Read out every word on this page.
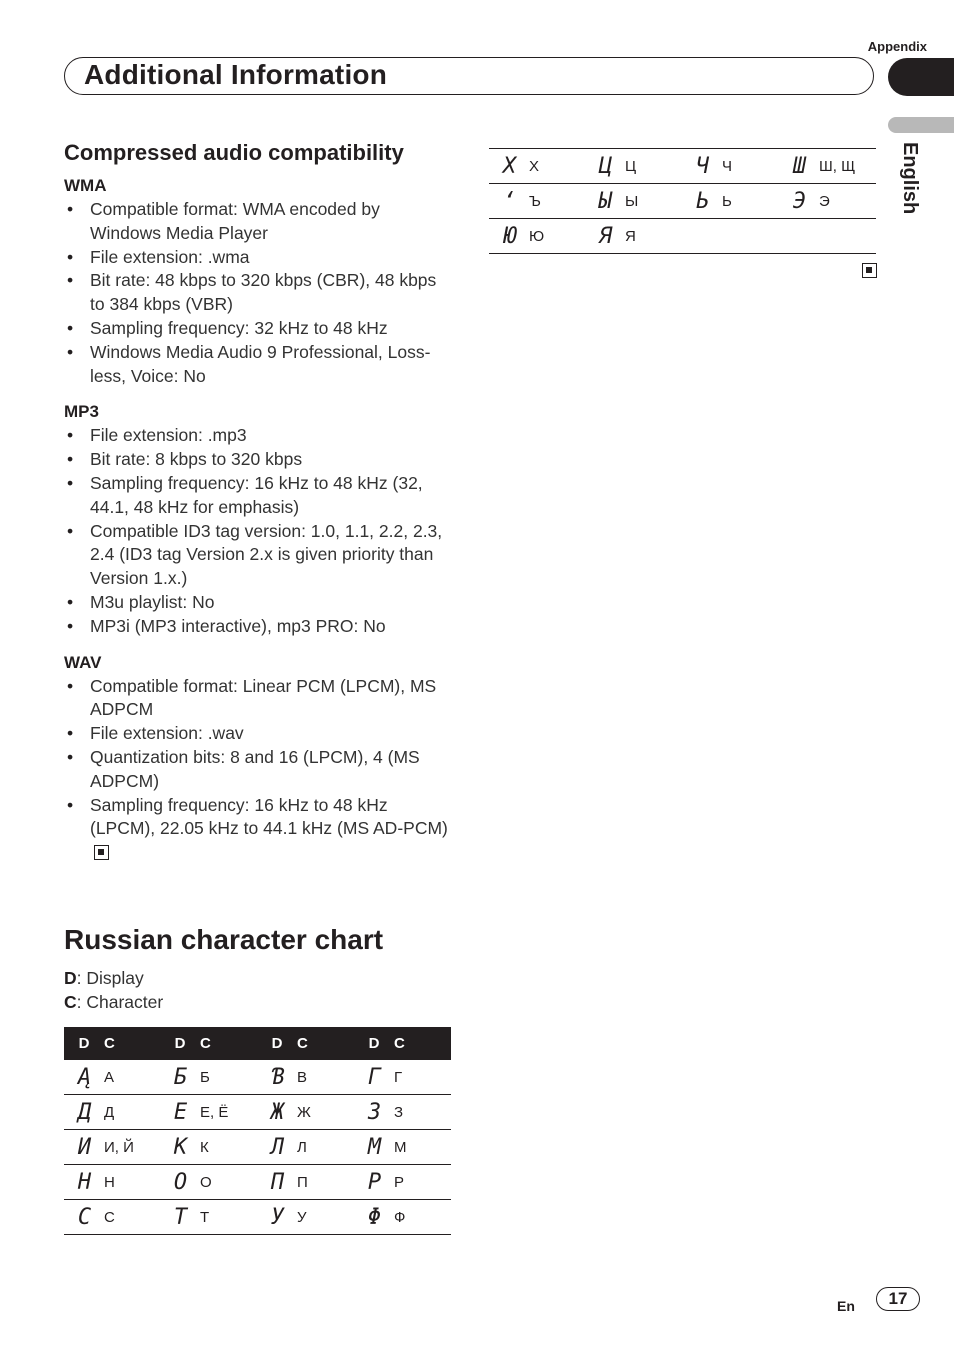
Appendix
Additional Information
English
Compressed audio compatibility
WMA
• Compatible format: WMA encoded by Windows Media Player
• File extension: .wma
• Bit rate: 48 kbps to 320 kbps (CBR), 48 kbps to 384 kbps (VBR)
• Sampling frequency: 32 kHz to 48 kHz
• Windows Media Audio 9 Professional, Loss-less, Voice: No
MP3
• File extension: .mp3
• Bit rate: 8 kbps to 320 kbps
• Sampling frequency: 16 kHz to 48 kHz (32, 44.1, 48 kHz for emphasis)
• Compatible ID3 tag version: 1.0, 1.1, 2.2, 2.3, 2.4 (ID3 tag Version 2.x is given priority than Version 1.x.)
• M3u playlist: No
• MP3i (MP3 interactive), mp3 PRO: No
WAV
• Compatible format: Linear PCM (LPCM), MS ADPCM
• File extension: .wav
• Quantization bits: 8 and 16 (LPCM), 4 (MS ADPCM)
• Sampling frequency: 16 kHz to 48 kHz (LPCM), 22.05 kHz to 44.1 kHz (MS AD-PCM)
Russian character chart
D: Display
C: Character
D	C	D	C	D	C	D	C
Ą	А	Б	Б	Ɓ	В	Г	Г
Д	Д	Ε	Е, Ё	Ж	Ж	З	З
И	И, Й	Κ	К	Л	Л	М	М
Η	Н	О	О	П	П	Ρ	Р
С	С	Τ	Т	У	У	Φ	Ф
Χ	Х	Ц	Ц	Ч	Ч	Ш	Ш, Щ
ʻ	Ъ	Ы	Ы	Ь	Ь	Э	Э
Ю	Ю	Я	Я				
En	17
